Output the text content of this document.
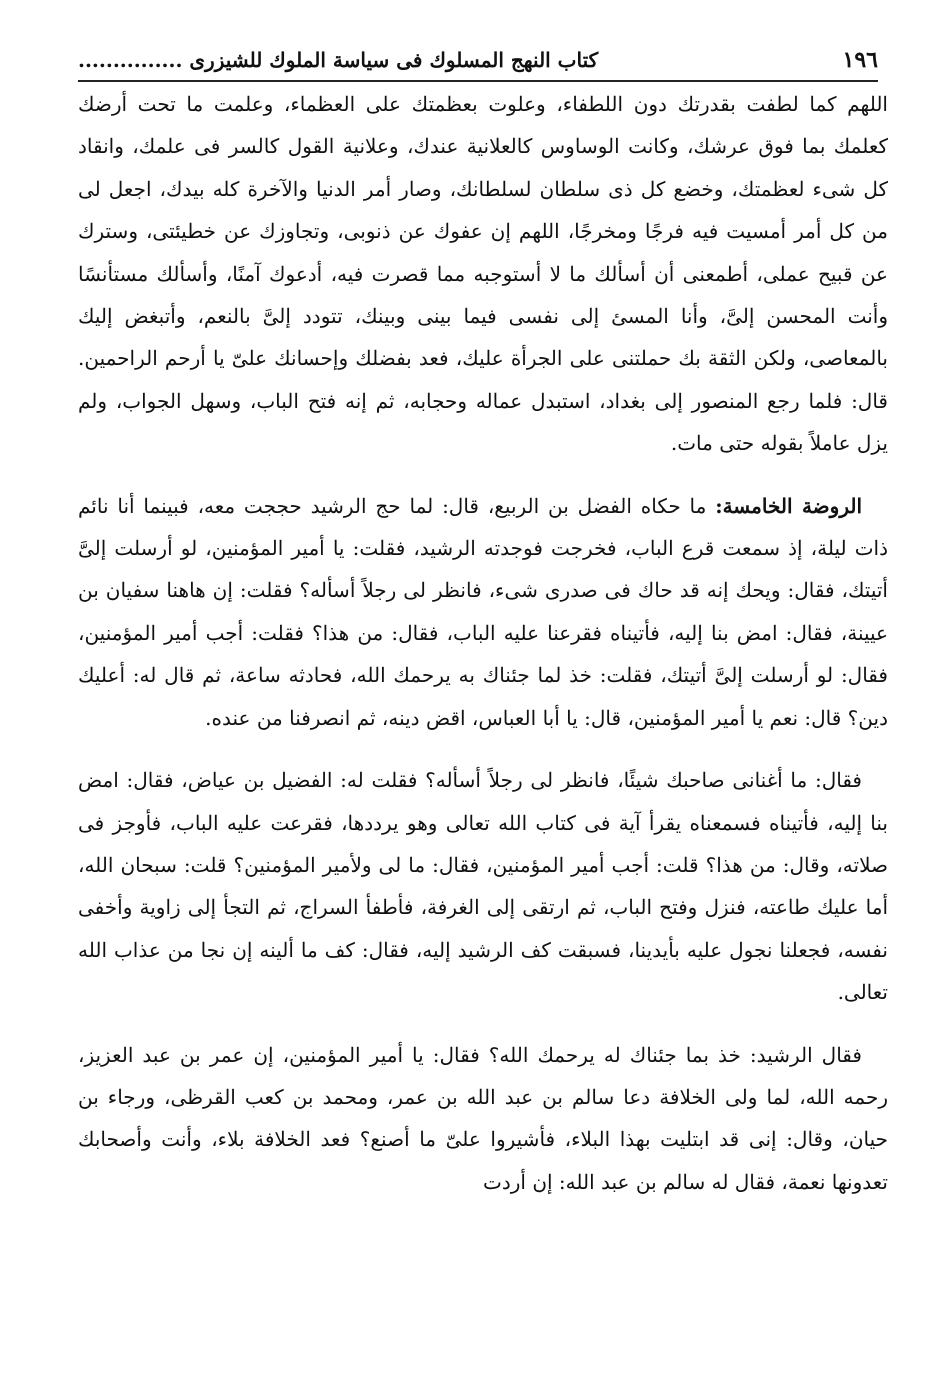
١٩٦
كتاب النهج المسلوك فى سياسة الملوك للشيزرى ...............

اللهم كما لطفت بقدرتك دون اللطفاء، وعلوت بعظمتك على العظماء، وعلمت ما تحت أرضك كعلمك بما فوق عرشك، وكانت الوساوس كالعلانية عندك، وعلانية القول كالسر فى علمك، وانقاد كل شىء لعظمتك، وخضع كل ذى سلطان لسلطانك، وصار أمر الدنيا والآخرة كله بيدك، اجعل لى من كل أمر أمسيت فيه فرجًا ومخرجًا، اللهم إن عفوك عن ذنوبى، وتجاوزك عن خطيئتى، وسترك عن قبيح عملى، أطمعنى أن أسألك ما لا أستوجبه مما قصرت فيه، أدعوك آمنًا، وأسألك مستأنسًا وأنت المحسن إلىَّ، وأنا المسئ إلى نفسى فيما بينى وبينك، تتودد إلىَّ بالنعم، وأتبغض إليك بالمعاصى، ولكن الثقة بك حملتنى على الجرأة عليك، فعد بفضلك وإحسانك علىّ يا أرحم الراحمين. قال: فلما رجع المنصور إلى بغداد، استبدل عماله وحجابه، ثم إنه فتح الباب، وسهل الجواب، ولم يزل عاملاً بقوله حتى مات.

الروضة الخامسة: ما حكاه الفضل بن الربيع، قال: لما حج الرشيد حججت معه، فبينما أنا نائم ذات ليلة، إذ سمعت قرع الباب، فخرجت فوجدته الرشيد، فقلت: يا أمير المؤمنين، لو أرسلت إلىَّ أتيتك، فقال: ويحك إنه قد حاك فى صدرى شىء، فانظر لى رجلاً أسأله؟ فقلت: إن هاهنا سفيان بن عيينة، فقال: امض بنا إليه، فأتيناه فقرعنا عليه الباب، فقال: من هذا؟ فقلت: أجب أمير المؤمنين، فقال: لو أرسلت إلىَّ أتيتك، فقلت: خذ لما جئناك به يرحمك الله، فحادثه ساعة، ثم قال له: أعليك دين؟ قال: نعم يا أمير المؤمنين، قال: يا أبا العباس، اقض دينه، ثم انصرفنا من عنده.

فقال: ما أغنانى صاحبك شيئًا، فانظر لى رجلاً أسأله؟ فقلت له: الفضيل بن عياض، فقال: امض بنا إليه، فأتيناه فسمعناه يقرأ آية فى كتاب الله تعالى وهو يرددها، فقرعت عليه الباب، فأوجز فى صلاته، وقال: من هذا؟ قلت: أجب أمير المؤمنين، فقال: ما لى ولأمير المؤمنين؟ قلت: سبحان الله، أما عليك طاعته، فنزل وفتح الباب، ثم ارتقى إلى الغرفة، فأطفأ السراج، ثم التجأ إلى زاوية وأخفى نفسه، فجعلنا نجول عليه بأيدينا، فسبقت كف الرشيد إليه، فقال: كف ما ألينه إن نجا من عذاب الله تعالى.

فقال الرشيد: خذ بما جئناك له يرحمك الله؟ فقال: يا أمير المؤمنين، إن عمر بن عبد العزيز، رحمه الله، لما ولى الخلافة دعا سالم بن عبد الله بن عمر، ومحمد بن كعب القرظى، ورجاء بن حيان، وقال: إنى قد ابتليت بهذا البلاء، فأشيروا علىّ ما أصنع؟ فعد الخلافة بلاء، وأنت وأصحابك تعدونها نعمة، فقال له سالم بن عبد الله: إن أردت
